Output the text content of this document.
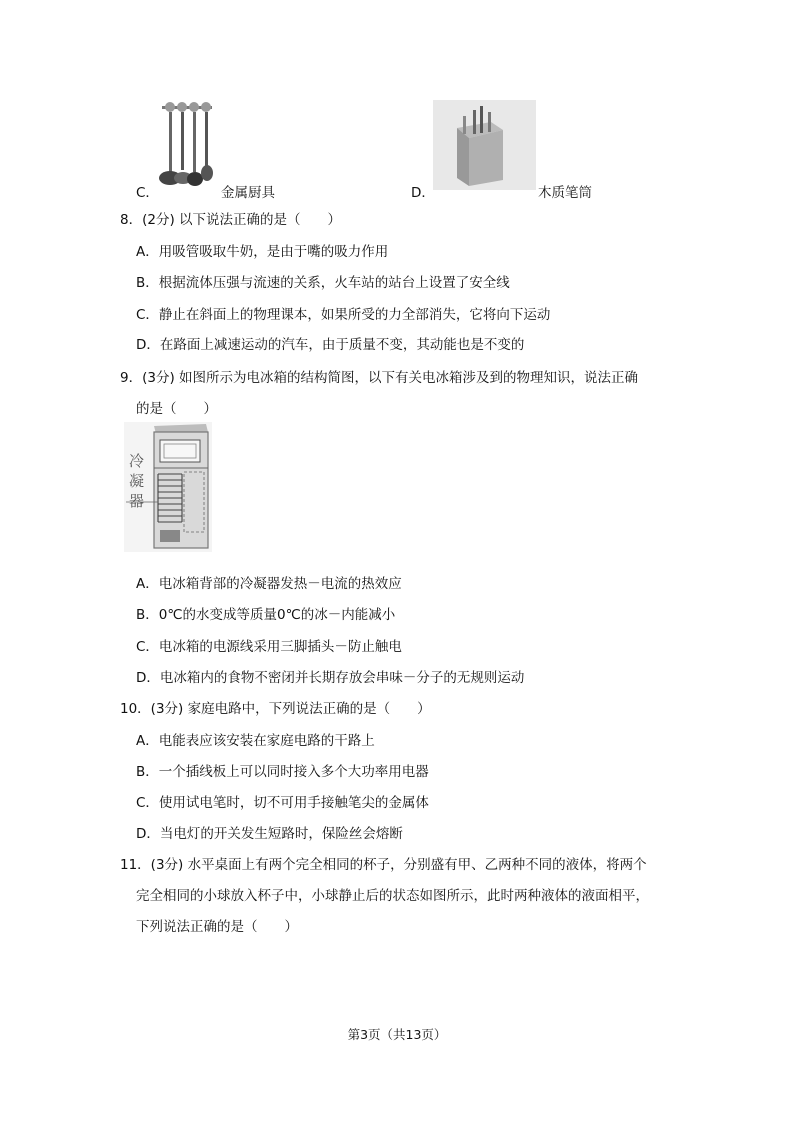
C．	金属厨具	D．	木质笔筒
8．(2分) 以下说法正确的是（　　）
A．用吸管吸取牛奶，是由于嘴的吸力作用
B．根据流体压强与流速的关系，火车站的站台上设置了安全线
C．静止在斜面上的物理课本，如果所受的力全部消失，它将向下运动
D．在路面上减速运动的汽车，由于质量不变，其动能也是不变的
9．(3分) 如图所示为电冰箱的结构简图，以下有关电冰箱涉及到的物理知识，说法正确
的是（　　）
冷
凝
器
A．电冰箱背部的冷凝器发热－电流的热效应
B．0℃的水变成等质量0℃的冰－内能减小
C．电冰箱的电源线采用三脚插头－防止触电
D．电冰箱内的食物不密闭并长期存放会串味－分子的无规则运动
10．(3分) 家庭电路中，下列说法正确的是（　　）
A．电能表应该安装在家庭电路的干路上
B．一个插线板上可以同时接入多个大功率用电器
C．使用试电笔时，切不可用手接触笔尖的金属体
D．当电灯的开关发生短路时，保险丝会熔断
11．(3分) 水平桌面上有两个完全相同的杯子，分别盛有甲、乙两种不同的液体，将两个
完全相同的小球放入杯子中，小球静止后的状态如图所示，此时两种液体的液面相平，
下列说法正确的是（　　）
第3页（共13页）
